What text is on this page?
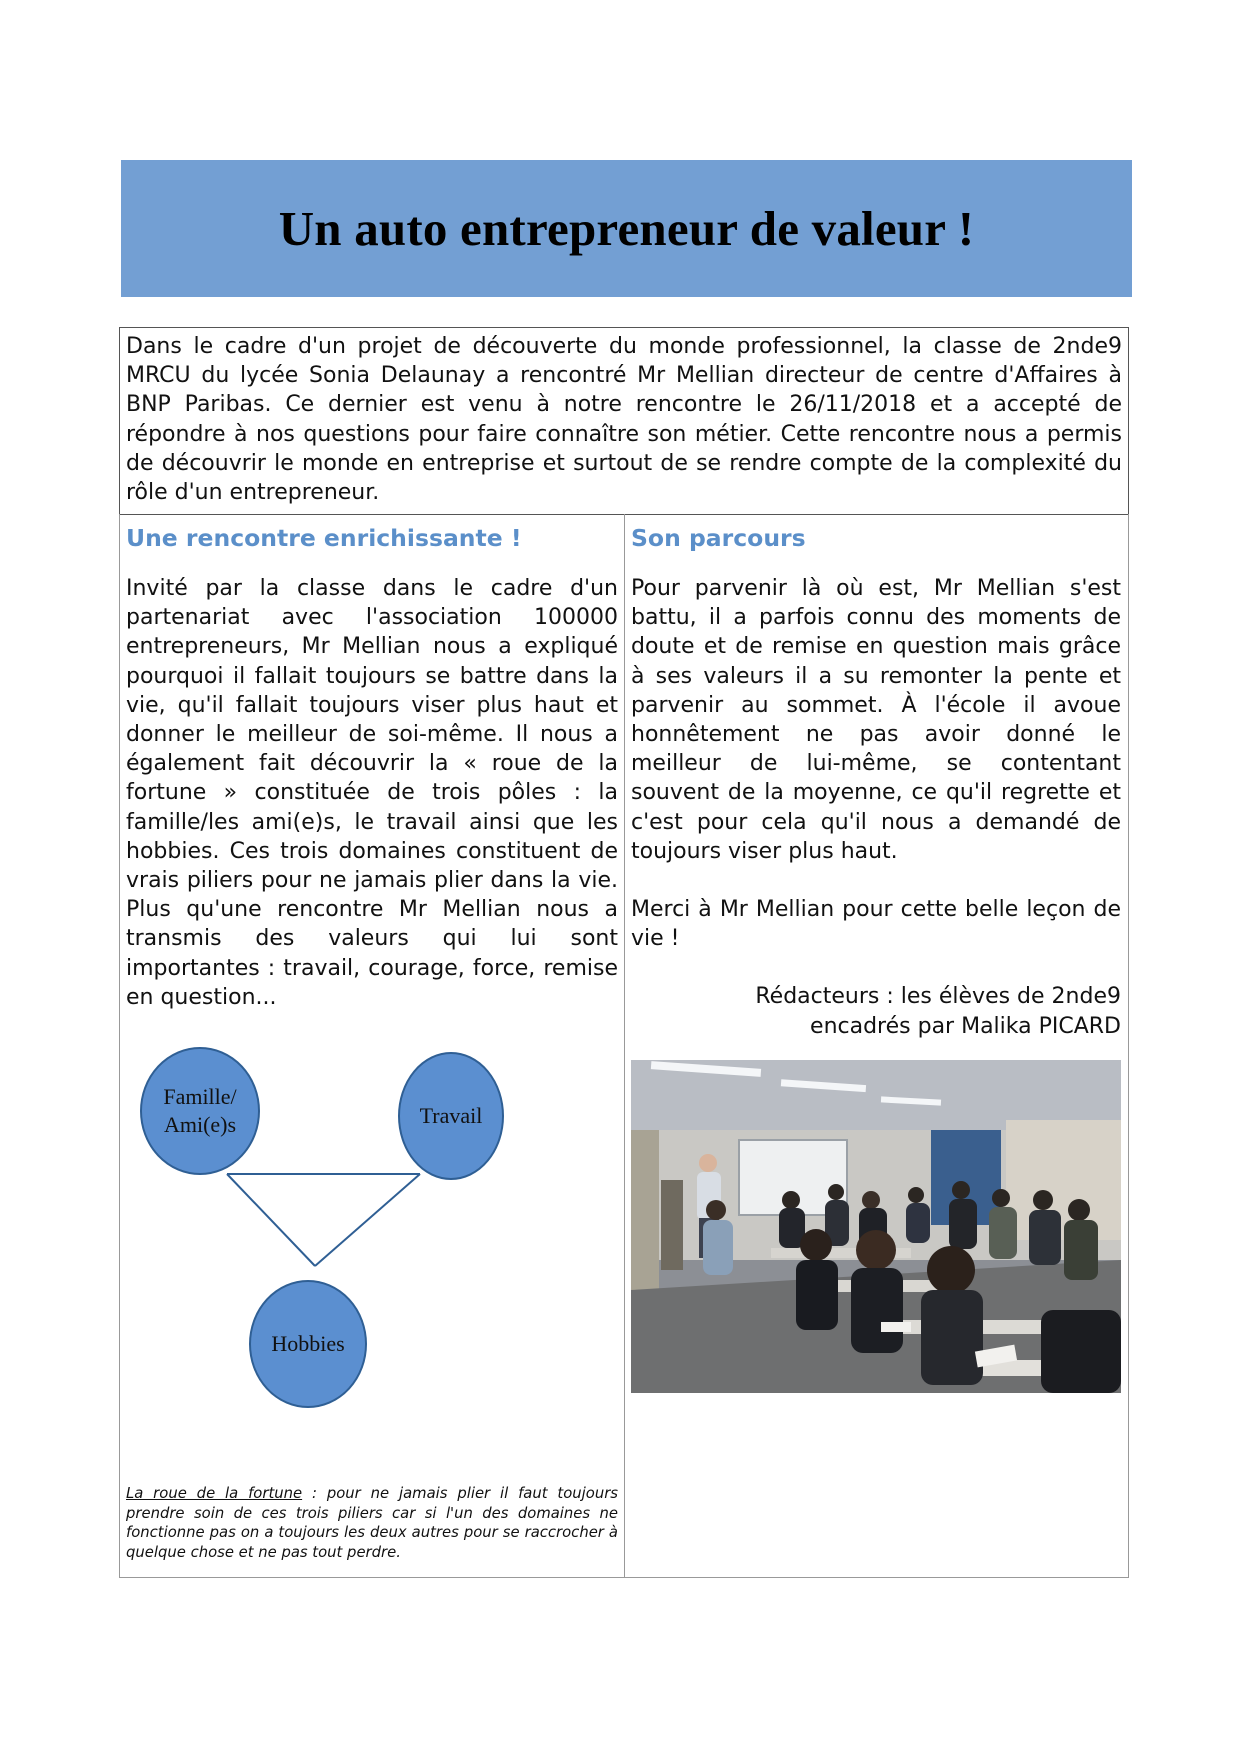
Un auto entrepreneur de valeur !

Dans le cadre d'un projet de découverte du monde professionnel, la classe de 2nde9 MRCU du lycée Sonia Delaunay a rencontré Mr Mellian directeur de centre d'Affaires à BNP Paribas. Ce dernier est venu à notre rencontre le 26/11/2018 et a accepté de répondre à nos questions pour faire connaître son métier. Cette rencontre nous a permis de découvrir le monde en entreprise et surtout de se rendre compte de la complexité du rôle d'un entrepreneur.

Une rencontre enrichissante !

Invité par la classe dans le cadre d'un partenariat avec l'association 100000 entrepreneurs, Mr Mellian nous a expliqué pourquoi il fallait toujours se battre dans la vie, qu'il fallait toujours viser plus haut et donner le meilleur de soi-même. Il nous a également fait découvrir la « roue de la fortune » constituée de trois pôles : la famille/les ami(e)s, le travail ainsi que les hobbies. Ces trois domaines constituent de vrais piliers pour ne jamais plier dans la vie. Plus qu'une rencontre Mr Mellian nous a transmis des valeurs qui lui sont importantes : travail, courage, force, remise en question...

Famille/
Ami(e)s	Travail
Hobbies

La roue de la fortune : pour ne jamais plier il faut toujours prendre soin de ces trois piliers car si l'un des domaines ne fonctionne pas on a toujours les deux autres pour se raccrocher à quelque chose et ne pas tout perdre.

Son parcours

Pour parvenir là où est, Mr Mellian s'est battu, il a parfois connu des moments de doute et de remise en question mais grâce à ses valeurs il a su remonter la pente et parvenir au sommet. À l'école il avoue honnêtement ne pas avoir donné le meilleur de lui-même, se contentant souvent de la moyenne, ce qu'il regrette et c'est pour cela qu'il nous a demandé de toujours viser plus haut.

Merci à Mr Mellian pour cette belle leçon de vie !

Rédacteurs : les élèves de 2nde9

encadrés par Malika PICARD
